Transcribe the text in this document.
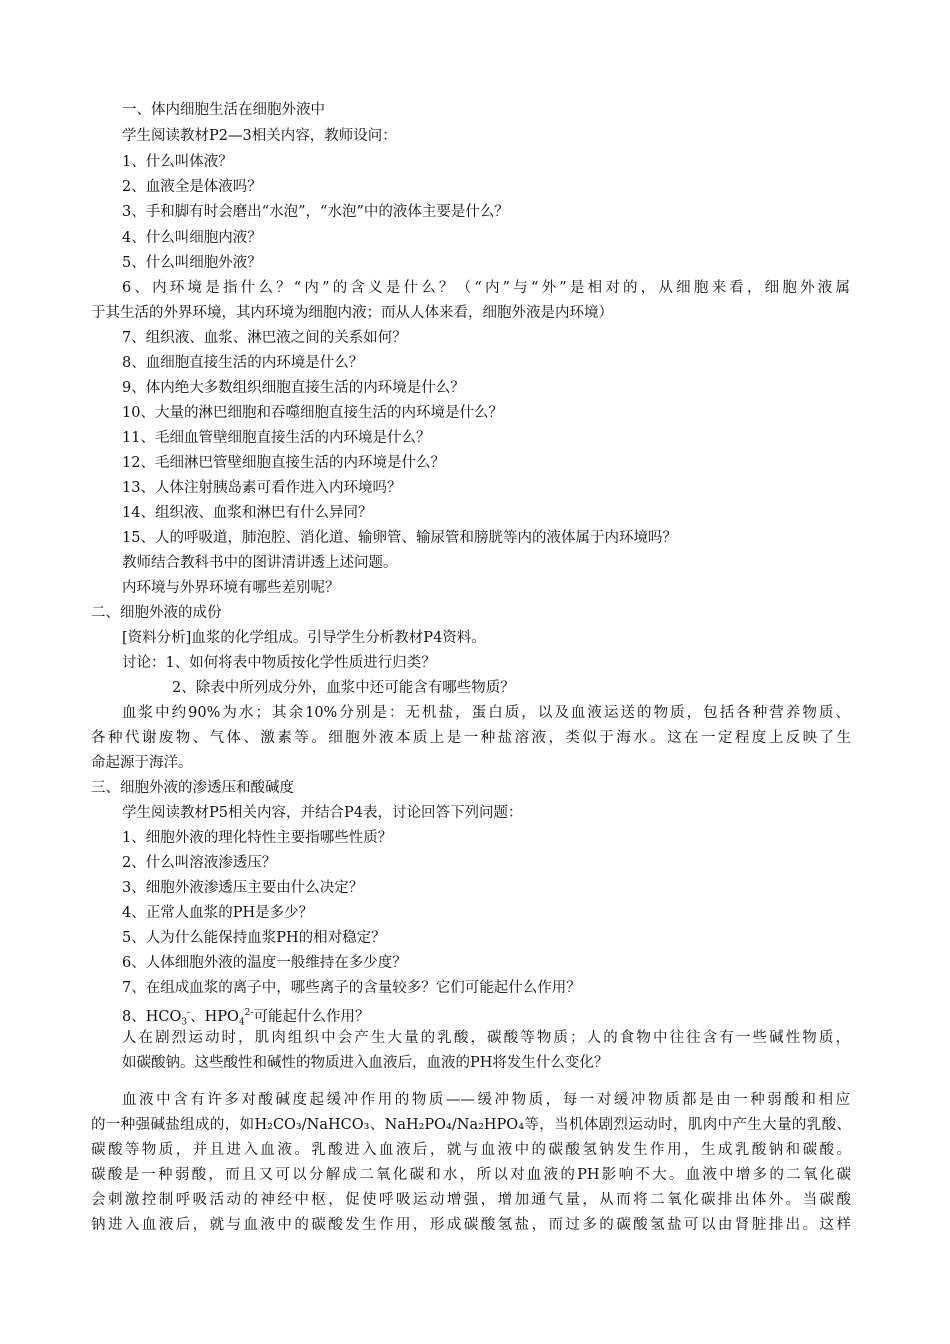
一、体内细胞生活在细胞外液中
学生阅读教材P2—3相关内容，教师设问：
1、什么叫体液？
2、血液全是体液吗？
3、手和脚有时会磨出“水泡”，“水泡”中的液体主要是什么？
4、什么叫细胞内液？
5、什么叫细胞外液？
6、内环境是指什么？“内”的含义是什么？（“内”与“外”是相对的，从细胞来看，细胞外液属
于其生活的外界环境，其内环境为细胞内液；而从人体来看，细胞外液是内环境）
7、组织液、血浆、淋巴液之间的关系如何？
8、血细胞直接生活的内环境是什么？
9、体内绝大多数组织细胞直接生活的内环境是什么？
10、大量的淋巴细胞和吞噬细胞直接生活的内环境是什么？
11、毛细血管壁细胞直接生活的内环境是什么？
12、毛细淋巴管壁细胞直接生活的内环境是什么？
13、人体注射胰岛素可看作进入内环境吗？
14、组织液、血浆和淋巴有什么异同？
15、人的呼吸道，肺泡腔、消化道、输卵管、输尿管和膀胱等内的液体属于内环境吗？
教师结合教科书中的图讲清讲透上述问题。
内环境与外界环境有哪些差别呢？
二、细胞外液的成份
[资料分析]血浆的化学组成。引导学生分析教材P4资料。
讨论：1、如何将表中物质按化学性质进行归类？
2、除表中所列成分外，血浆中还可能含有哪些物质？
血浆中约90%为水；其余10%分别是：无机盐，蛋白质，以及血液运送的物质，包括各种营养物质、
各种代谢废物、气体、激素等。细胞外液本质上是一种盐溶液，类似于海水。这在一定程度上反映了生
命起源于海洋。
三、细胞外液的渗透压和酸碱度
学生阅读教材P5相关内容，并结合P4表，讨论回答下列问题：
1、细胞外液的理化特性主要指哪些性质？
2、什么叫溶液渗透压？
3、细胞外液渗透压主要由什么决定？
4、正常人血浆的PH是多少？
5、人为什么能保持血浆PH的相对稳定？
6、人体细胞外液的温度一般维持在多少度？
7、在组成血浆的离子中，哪些离子的含量较多？它们可能起什么作用？
8、$HCO_3^-$、$HPO_4^{2-}$可能起什么作用？
人在剧烈运动时，肌肉组织中会产生大量的乳酸，碳酸等物质；人的食物中往往含有一些碱性物质，
如碳酸钠。这些酸性和碱性的物质进入血液后，血液的PH将发生什么变化？
血液中含有许多对酸碱度起缓冲作用的物质——缓冲物质，每一对缓冲物质都是由一种弱酸和相应
的一种强碱盐组成的，如H₂CO₃/NaHCO₃、NaH₂PO₄/Na₂HPO₄等，当机体剧烈运动时，肌肉中产生大量的乳酸、
碳酸等物质，并且进入血液。乳酸进入血液后，就与血液中的碳酸氢钠发生作用，生成乳酸钠和碳酸。
碳酸是一种弱酸，而且又可以分解成二氧化碳和水，所以对血液的PH影响不大。血液中增多的二氧化碳
会刺激控制呼吸活动的神经中枢，促使呼吸运动增强，增加通气量，从而将二氧化碳排出体外。当碳酸
钠进入血液后，就与血液中的碳酸发生作用，形成碳酸氢盐，而过多的碳酸氢盐可以由肾脏排出。这样
